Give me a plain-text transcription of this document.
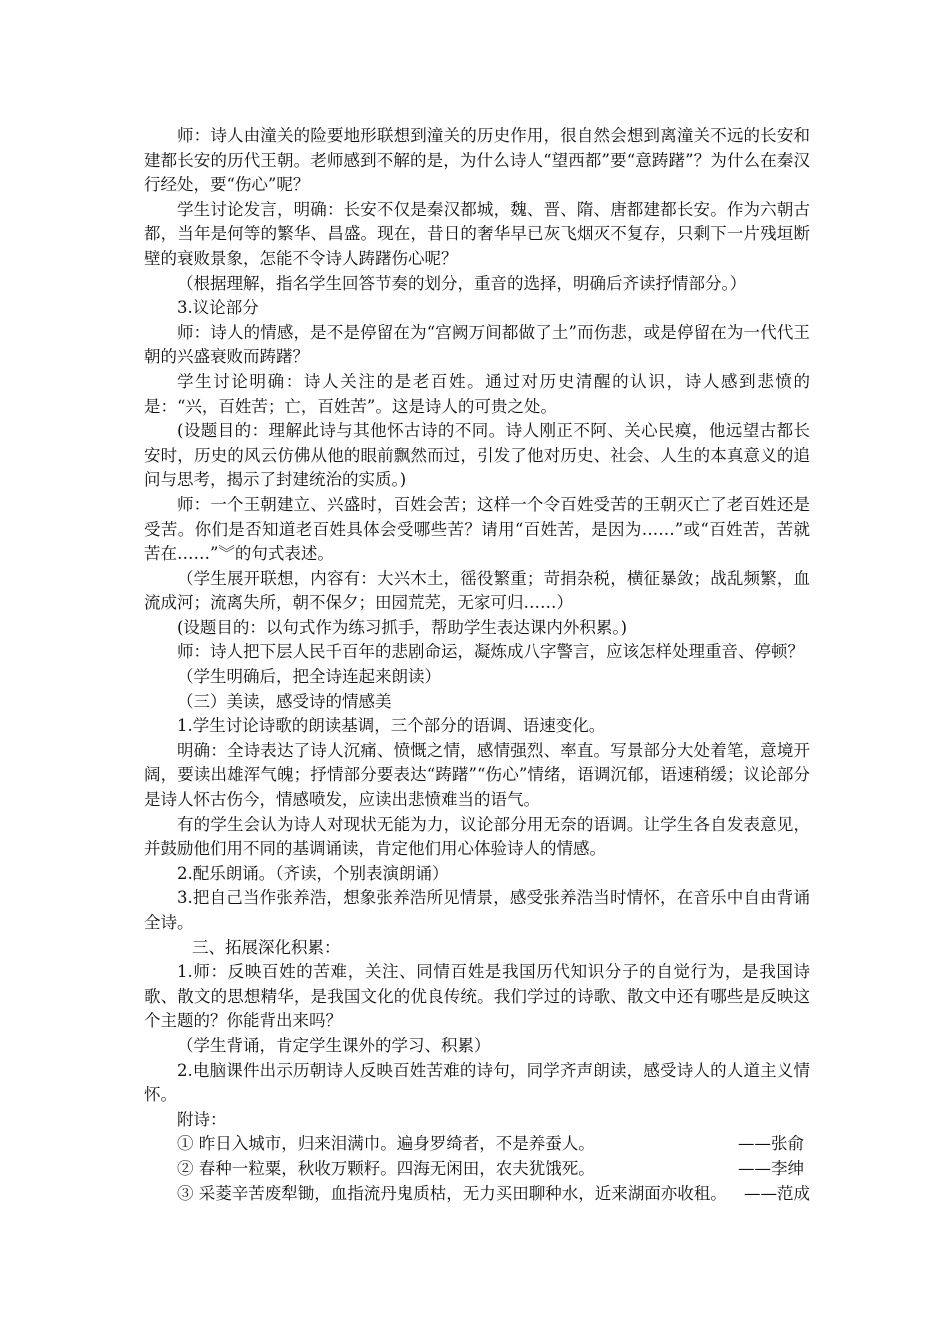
师：诗人由潼关的险要地形联想到潼关的历史作用，很自然会想到离潼关不远的长安和建都长安的历代王朝。老师感到不解的是，为什么诗人“望西都”要“意踌躇”？为什么在秦汉行经处，要“伤心”呢？

学生讨论发言，明确：长安不仅是秦汉都城，魏、晋、隋、唐都建都长安。作为六朝古都，当年是何等的繁华、昌盛。现在，昔日的奢华早已灰飞烟灭不复存，只剩下一片残垣断壁的衰败景象，怎能不令诗人踌躇伤心呢？

（根据理解，指名学生回答节奏的划分，重音的选择，明确后齐读抒情部分。）

3.议论部分

师：诗人的情感，是不是停留在为“宫阙万间都做了土”而伤悲，或是停留在为一代代王朝的兴盛衰败而踌躇？

学生讨论明确：诗人关注的是老百姓。通过对历史清醒的认识，诗人感到悲愤的是：“兴，百姓苦；亡，百姓苦”。这是诗人的可贵之处。

(设题目的：理解此诗与其他怀古诗的不同。诗人刚正不阿、关心民瘼，他远望古都长安时，历史的风云仿佛从他的眼前飘然而过，引发了他对历史、社会、人生的本真意义的追问与思考，揭示了封建统治的实质。)

师：一个王朝建立、兴盛时，百姓会苦；这样一个令百姓受苦的王朝灭亡了老百姓还是受苦。你们是否知道老百姓具体会受哪些苦？请用“百姓苦，是因为……”或“百姓苦，苦就苦在……”︾的句式表述。

（学生展开联想，内容有：大兴木土，徭役繁重；苛捐杂税，横征暴敛；战乱频繁，血流成河；流离失所，朝不保夕；田园荒芜，无家可归……）

(设题目的：以句式作为练习抓手，帮助学生表达课内外积累。)

师：诗人把下层人民千百年的悲剧命运，凝炼成八字警言，应该怎样处理重音、停顿？

（学生明确后，把全诗连起来朗读）

（三）美读，感受诗的情感美

1.学生讨论诗歌的朗读基调，三个部分的语调、语速变化。

明确：全诗表达了诗人沉痛、愤慨之情，感情强烈、率直。写景部分大处着笔，意境开阔，要读出雄浑气魄；抒情部分要表达“踌躇”“伤心”情绪，语调沉郁，语速稍缓；议论部分是诗人怀古伤今，情感喷发，应读出悲愤难当的语气。

有的学生会认为诗人对现状无能为力，议论部分用无奈的语调。让学生各自发表意见，并鼓励他们用不同的基调诵读，肯定他们用心体验诗人的情感。

2.配乐朗诵。（齐读，个别表演朗诵）

3.把自己当作张养浩，想象张养浩所见情景，感受张养浩当时情怀，在音乐中自由背诵全诗。

三、拓展深化积累：

1.师：反映百姓的苦难，关注、同情百姓是我国历代知识分子的自觉行为，是我国诗歌、散文的思想精华，是我国文化的优良传统。我们学过的诗歌、散文中还有哪些是反映这个主题的？你能背出来吗？

（学生背诵，肯定学生课外的学习、积累）

2.电脑课件出示历朝诗人反映百姓苦难的诗句，同学齐声朗读，感受诗人的人道主义情怀。

附诗：

① 昨日入城市，归来泪满巾。遍身罗绮者，不是养蚕人。	——张俞
② 春种一粒粟，秋收万颗籽。四海无闲田，农夫犹饿死。	——李绅
③ 采菱辛苦废犁锄，血指流丹鬼质枯，无力买田聊种水，近来湖面亦收租。	——范成
